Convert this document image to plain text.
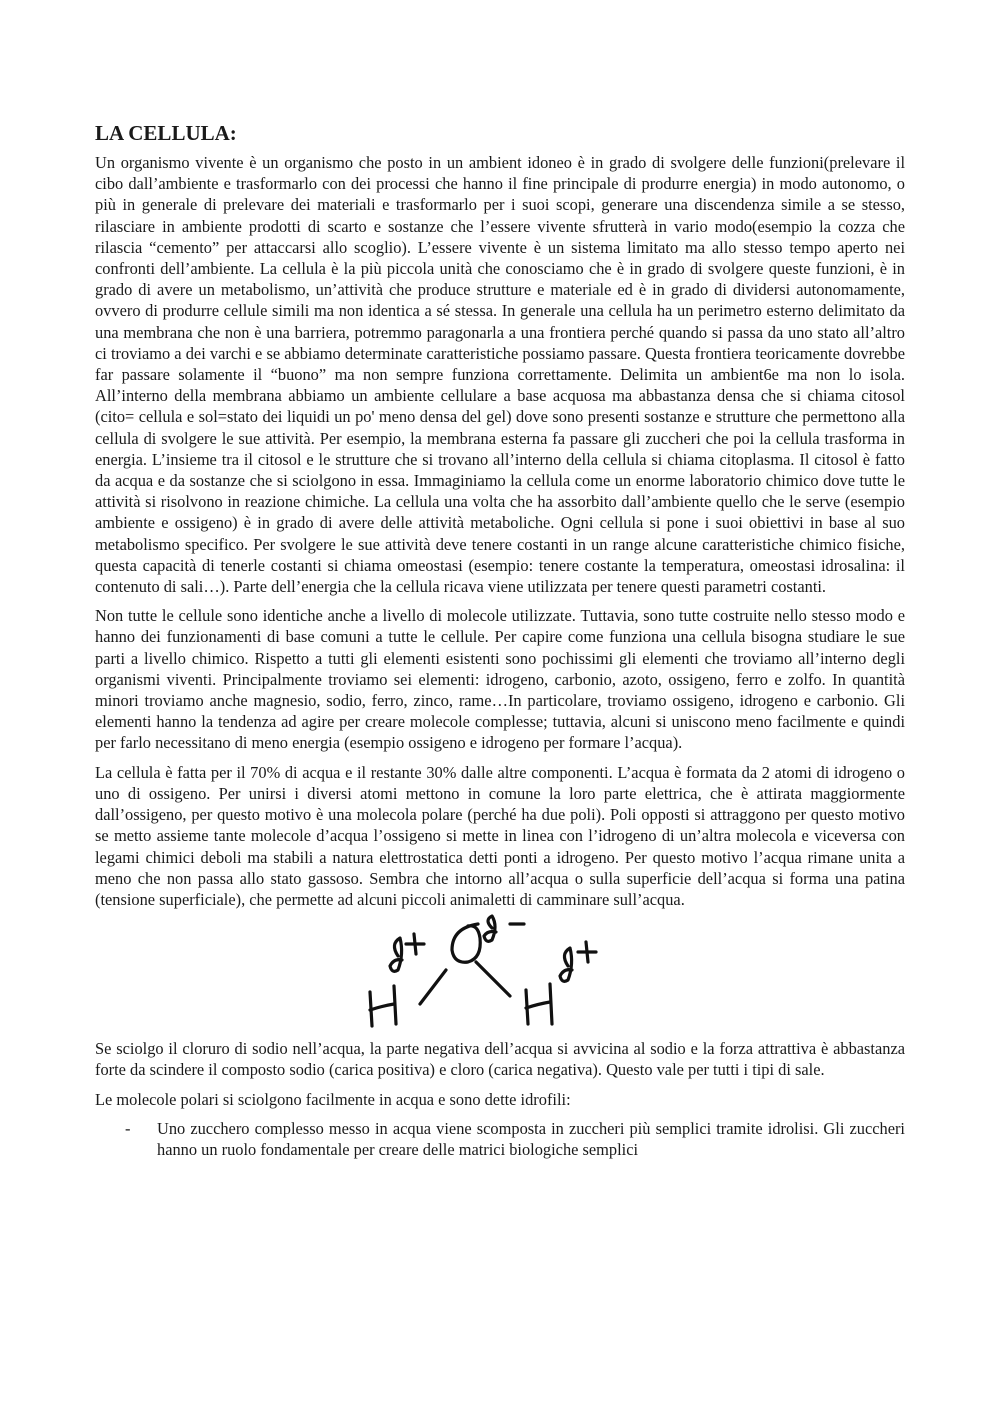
LA CELLULA:

Un organismo vivente è un organismo che posto in un ambient idoneo è in grado di svolgere delle funzioni(prelevare il cibo dall’ambiente e trasformarlo con dei processi che hanno il fine principale di produrre energia) in modo autonomo, o più in generale di prelevare dei materiali e trasformarlo per i suoi scopi, generare una discendenza simile a se stesso, rilasciare in ambiente prodotti di scarto e sostanze che l’essere vivente sfrutterà in vario modo(esempio la cozza che rilascia “cemento” per attaccarsi allo scoglio). L’essere vivente è un sistema limitato ma allo stesso tempo aperto nei confronti dell’ambiente. La cellula è la più piccola unità che conosciamo che è in grado di svolgere queste funzioni, è in grado di avere un metabolismo, un’attività che produce strutture e materiale ed è in grado di dividersi autonomamente, ovvero di produrre cellule simili ma non identica a sé stessa. In generale una cellula ha un perimetro esterno delimitato da una membrana che non è una barriera, potremmo paragonarla a una frontiera perché quando si passa da uno stato all’altro ci troviamo a dei varchi e se abbiamo determinate caratteristiche possiamo passare. Questa frontiera teoricamente dovrebbe far passare solamente il “buono” ma non sempre funziona correttamente. Delimita un ambient6e ma non lo isola. All’interno della membrana abbiamo un ambiente cellulare a base acquosa ma abbastanza densa che si chiama citosol (cito= cellula e sol=stato dei liquidi un po' meno densa del gel) dove sono presenti sostanze e strutture che permettono alla cellula di svolgere le sue attività. Per esempio, la membrana esterna fa passare gli zuccheri che poi la cellula trasforma in energia. L’insieme tra il citosol e le strutture che si trovano all’interno della cellula si chiama citoplasma. Il citosol è fatto da acqua e da sostanze che si sciolgono in essa. Immaginiamo la cellula come un enorme laboratorio chimico dove tutte le attività si risolvono in reazione chimiche. La cellula una volta che ha assorbito dall’ambiente quello che le serve (esempio ambiente e ossigeno) è in grado di avere delle attività metaboliche. Ogni cellula si pone i suoi obiettivi in base al suo metabolismo specifico. Per svolgere le sue attività deve tenere costanti in un range alcune caratteristiche chimico fisiche, questa capacità di tenerle costanti si chiama omeostasi (esempio: tenere costante la temperatura, omeostasi idrosalina: il contenuto di sali…). Parte dell’energia che la cellula ricava viene utilizzata per tenere questi parametri costanti.

Non tutte le cellule sono identiche anche a livello di molecole utilizzate. Tuttavia, sono tutte costruite nello stesso modo e hanno dei funzionamenti di base comuni a tutte le cellule. Per capire come funziona una cellula bisogna studiare le sue parti a livello chimico. Rispetto a tutti gli elementi esistenti sono pochissimi gli elementi che troviamo all’interno degli organismi viventi. Principalmente troviamo sei elementi: idrogeno, carbonio, azoto, ossigeno, ferro e zolfo. In quantità minori troviamo anche magnesio, sodio, ferro, zinco, rame…In particolare, troviamo ossigeno, idrogeno e carbonio. Gli elementi hanno la tendenza ad agire per creare molecole complesse; tuttavia, alcuni si uniscono meno facilmente e quindi per farlo necessitano di meno energia (esempio ossigeno e idrogeno per formare l’acqua).

La cellula è fatta per il 70% di acqua e il restante 30% dalle altre componenti. L’acqua è formata da 2 atomi di idrogeno o uno di ossigeno. Per unirsi i diversi atomi mettono in comune la loro parte elettrica, che è attirata maggiormente dall’ossigeno, per questo motivo è una molecola polare (perché ha due poli). Poli opposti si attraggono per questo motivo se metto assieme tante molecole d’acqua l’ossigeno si mette in linea con l’idrogeno di un’altra molecola e viceversa con legami chimici deboli ma stabili a natura elettrostatica detti ponti a idrogeno. Per questo motivo l’acqua rimane unita a meno che non passa allo stato gassoso. Sembra che intorno all’acqua o sulla superficie dell’acqua si forma una patina (tensione superficiale), che permette ad alcuni piccoli animaletti di camminare sull’acqua.

Se sciolgo il cloruro di sodio nell’acqua, la parte negativa dell’acqua si avvicina al sodio e la forza attrattiva è abbastanza forte da scindere il composto sodio (carica positiva) e cloro (carica negativa). Questo vale per tutti i tipi di sale.

Le molecole polari si sciolgono facilmente in acqua e sono dette idrofili:

- Uno zucchero complesso messo in acqua viene scomposta in zuccheri più semplici tramite idrolisi. Gli zuccheri hanno un ruolo fondamentale per creare delle matrici biologiche semplici
